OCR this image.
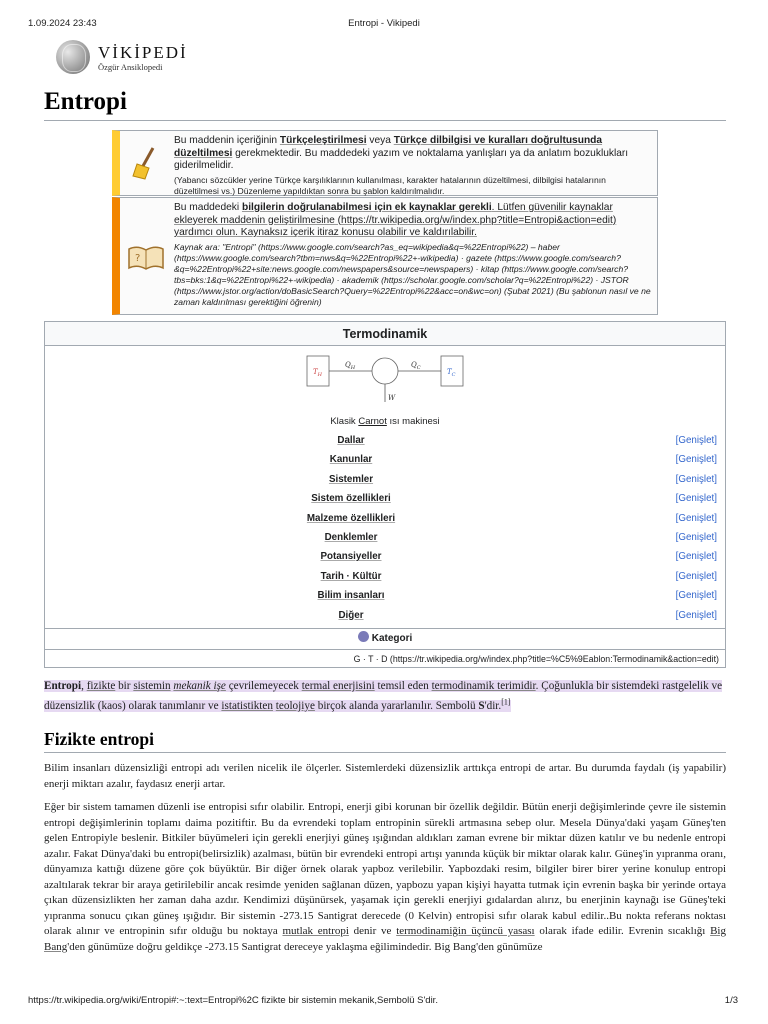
1.09.2024 23:43	Entropi - Vikipedi
VİKİPEDİ
Özgür Ansiklopedi
Entropi
Bu maddenin içeriğinin Türkçeleştirilmesi veya Türkçe dilbilgisi ve kuralları doğrultusunda düzeltilmesi gerekmektedir. Bu maddedeki yazım ve noktalama yanlışları ya da anlatım bozuklukları giderilmelidir.
(Yabancı sözcükler yerine Türkçe karşılıklarının kullanılması, karakter hatalarının düzeltilmesi, dilbilgisi hatalarının düzeltilmesi vs.) Düzenleme yapıldıktan sonra bu şablon kaldırılmalıdır.
?
Bu maddedeki bilgilerin doğrulanabilmesi için ek kaynaklar gerekli. Lütfen güvenilir kaynaklar ekleyerek maddenin geliştirilmesine (https://tr.wikipedia.org/w/index.php?title=Entropi&action=edit) yardımcı olun. Kaynaksız içerik itiraz konusu olabilir ve kaldırılabilir.
Kaynak ara: "Entropi" (https://www.google.com/search?as_eq=wikipedia&q=%22Entropi%22) – haber (https://www.google.com/search?tbm=nws&q=%22Entropi%22+-wikipedia) · gazete (https://www.google.com/search?&q=%22Entropi%22+site:news.google.com/newspapers&source=newspapers) · kitap (https://www.google.com/search?tbs=bks:1&q=%22Entropi%22+-wikipedia) · akademik (https://scholar.google.com/scholar?q=%22Entropi%22) · JSTOR (https://www.jstor.org/action/doBasicSearch?Query=%22Entropi%22&acc=on&wc=on) (Şubat 2021) (Bu şablonun nasıl ve ne zaman kaldırılması gerektiğini öğrenin)
Termodinamik
$T_H$
$Q_H$	$Q_C$	$T_C$
W
Klasik Carnot ısı makinesi
Dallar	[Genişlet]
Kanunlar	[Genişlet]
Sistemler	[Genişlet]
Sistem özellikleri	[Genişlet]
Malzeme özellikleri	[Genişlet]
Denklemler	[Genişlet]
Potansiyeller	[Genişlet]
Tarih · Kültür	[Genişlet]
Bilim insanları	[Genişlet]
Diğer	[Genişlet]
Kategori
G · T · D (https://tr.wikipedia.org/w/index.php?title=%C5%9Eablon:Termodinamik&action=edit)
Entropi, fizikte bir sistemin mekanik işe çevrilemeyecek termal enerjisini temsil eden termodinamik terimidir. Çoğunlukla bir sistemdeki rastgelelik ve düzensizlik (kaos) olarak tanımlanır ve istatistikten teolojiye birçok alanda yararlanılır. Sembolü S'dir.[1]
Fizikte entropi

Bilim insanları düzensizliği entropi adı verilen nicelik ile ölçerler. Sistemlerdeki düzensizlik arttıkça entropi de artar. Bu durumda faydalı (iş yapabilir) enerji miktarı azalır, faydasız enerji artar.

Eğer bir sistem tamamen düzenli ise entropisi sıfır olabilir. Entropi, enerji gibi korunan bir özellik değildir. Bütün enerji değişimlerinde çevre ile sistemin entropi değişimlerinin toplamı daima pozitiftir. Bu da evrendeki toplam entropinin sürekli artmasına sebep olur. Mesela Dünya'daki yaşam Güneş'ten gelen Entropiyle beslenir. Bitkiler büyümeleri için gerekli enerjiyi güneş ışığından aldıkları zaman evrene bir miktar düzen katılır ve bu nedenle entropi azalır. Fakat Dünya'daki bu entropi(belirsizlik) azalması, bütün bir evrendeki entropi artışı yanında küçük bir miktar olarak kalır. Güneş'in yıpranma oranı, dünyamıza kattığı düzene göre çok büyüktür. Bir diğer örnek olarak yapboz verilebilir. Yapbozdaki resim, bilgiler birer birer yerine konulup entropi azaltılarak tekrar bir araya getirilebilir ancak resimde yeniden sağlanan düzen, yapbozu yapan kişiyi hayatta tutmak için evrenin başka bir yerinde ortaya çıkan düzensizlikten her zaman daha azdır. Kendimizi düşünürsek, yaşamak için gerekli enerjiyi gıdalardan alırız, bu enerjinin kaynağı ise Güneş'teki yıpranma sonucu çıkan güneş ışığıdır. Bir sistemin -273.15 Santigrat derecede (0 Kelvin) entropisi sıfır olarak kabul edilir..Bu nokta referans noktası olarak alınır ve entropinin sıfır olduğu bu noktaya mutlak entropi denir ve termodinamiğin üçüncü yasası olarak ifade edilir. Evrenin sıcaklığı Big Bang'den günümüze doğru geldikçe -273.15 Santigrat dereceye yaklaşma eğilimindedir. Big Bang'den günümüze

https://tr.wikipedia.org/wiki/Entropi#:~:text=Entropi%2C fizikte bir sistemin mekanik,Sembolü S'dir.	1/3
